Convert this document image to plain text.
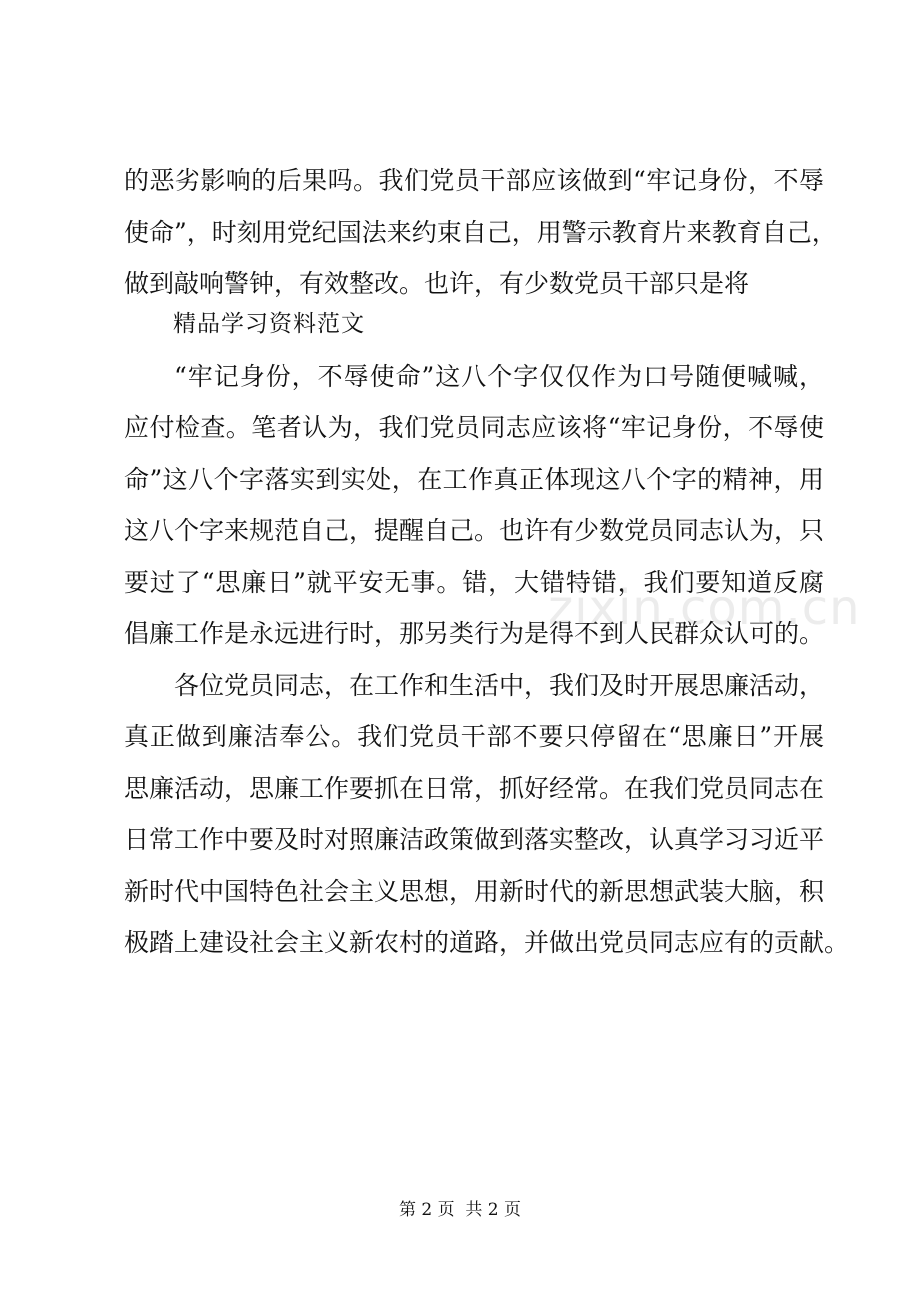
的恶劣影响的后果吗。我们党员干部应该做到“牢记身份，不辱
使命”，时刻用党纪国法来约束自己，用警示教育片来教育自己，
做到敲响警钟，有效整改。也许，有少数党员干部只是将
精品学习资料范文
“牢记身份，不辱使命”这八个字仅仅作为口号随便喊喊，
应付检查。笔者认为，我们党员同志应该将“牢记身份，不辱使
命”这八个字落实到实处，在工作真正体现这八个字的精神，用
这八个字来规范自己，提醒自己。也许有少数党员同志认为，只
要过了“思廉日”就平安无事。错，大错特错，我们要知道反腐
倡廉工作是永远进行时，那另类行为是得不到人民群众认可的。
各位党员同志，在工作和生活中，我们及时开展思廉活动，
真正做到廉洁奉公。我们党员干部不要只停留在“思廉日”开展
思廉活动，思廉工作要抓在日常，抓好经常。在我们党员同志在
日常工作中要及时对照廉洁政策做到落实整改，认真学习习近平
新时代中国特色社会主义思想，用新时代的新思想武装大脑，积
极踏上建设社会主义新农村的道路，并做出党员同志应有的贡献。
zixin.com.cn
第 2 页  共 2 页
